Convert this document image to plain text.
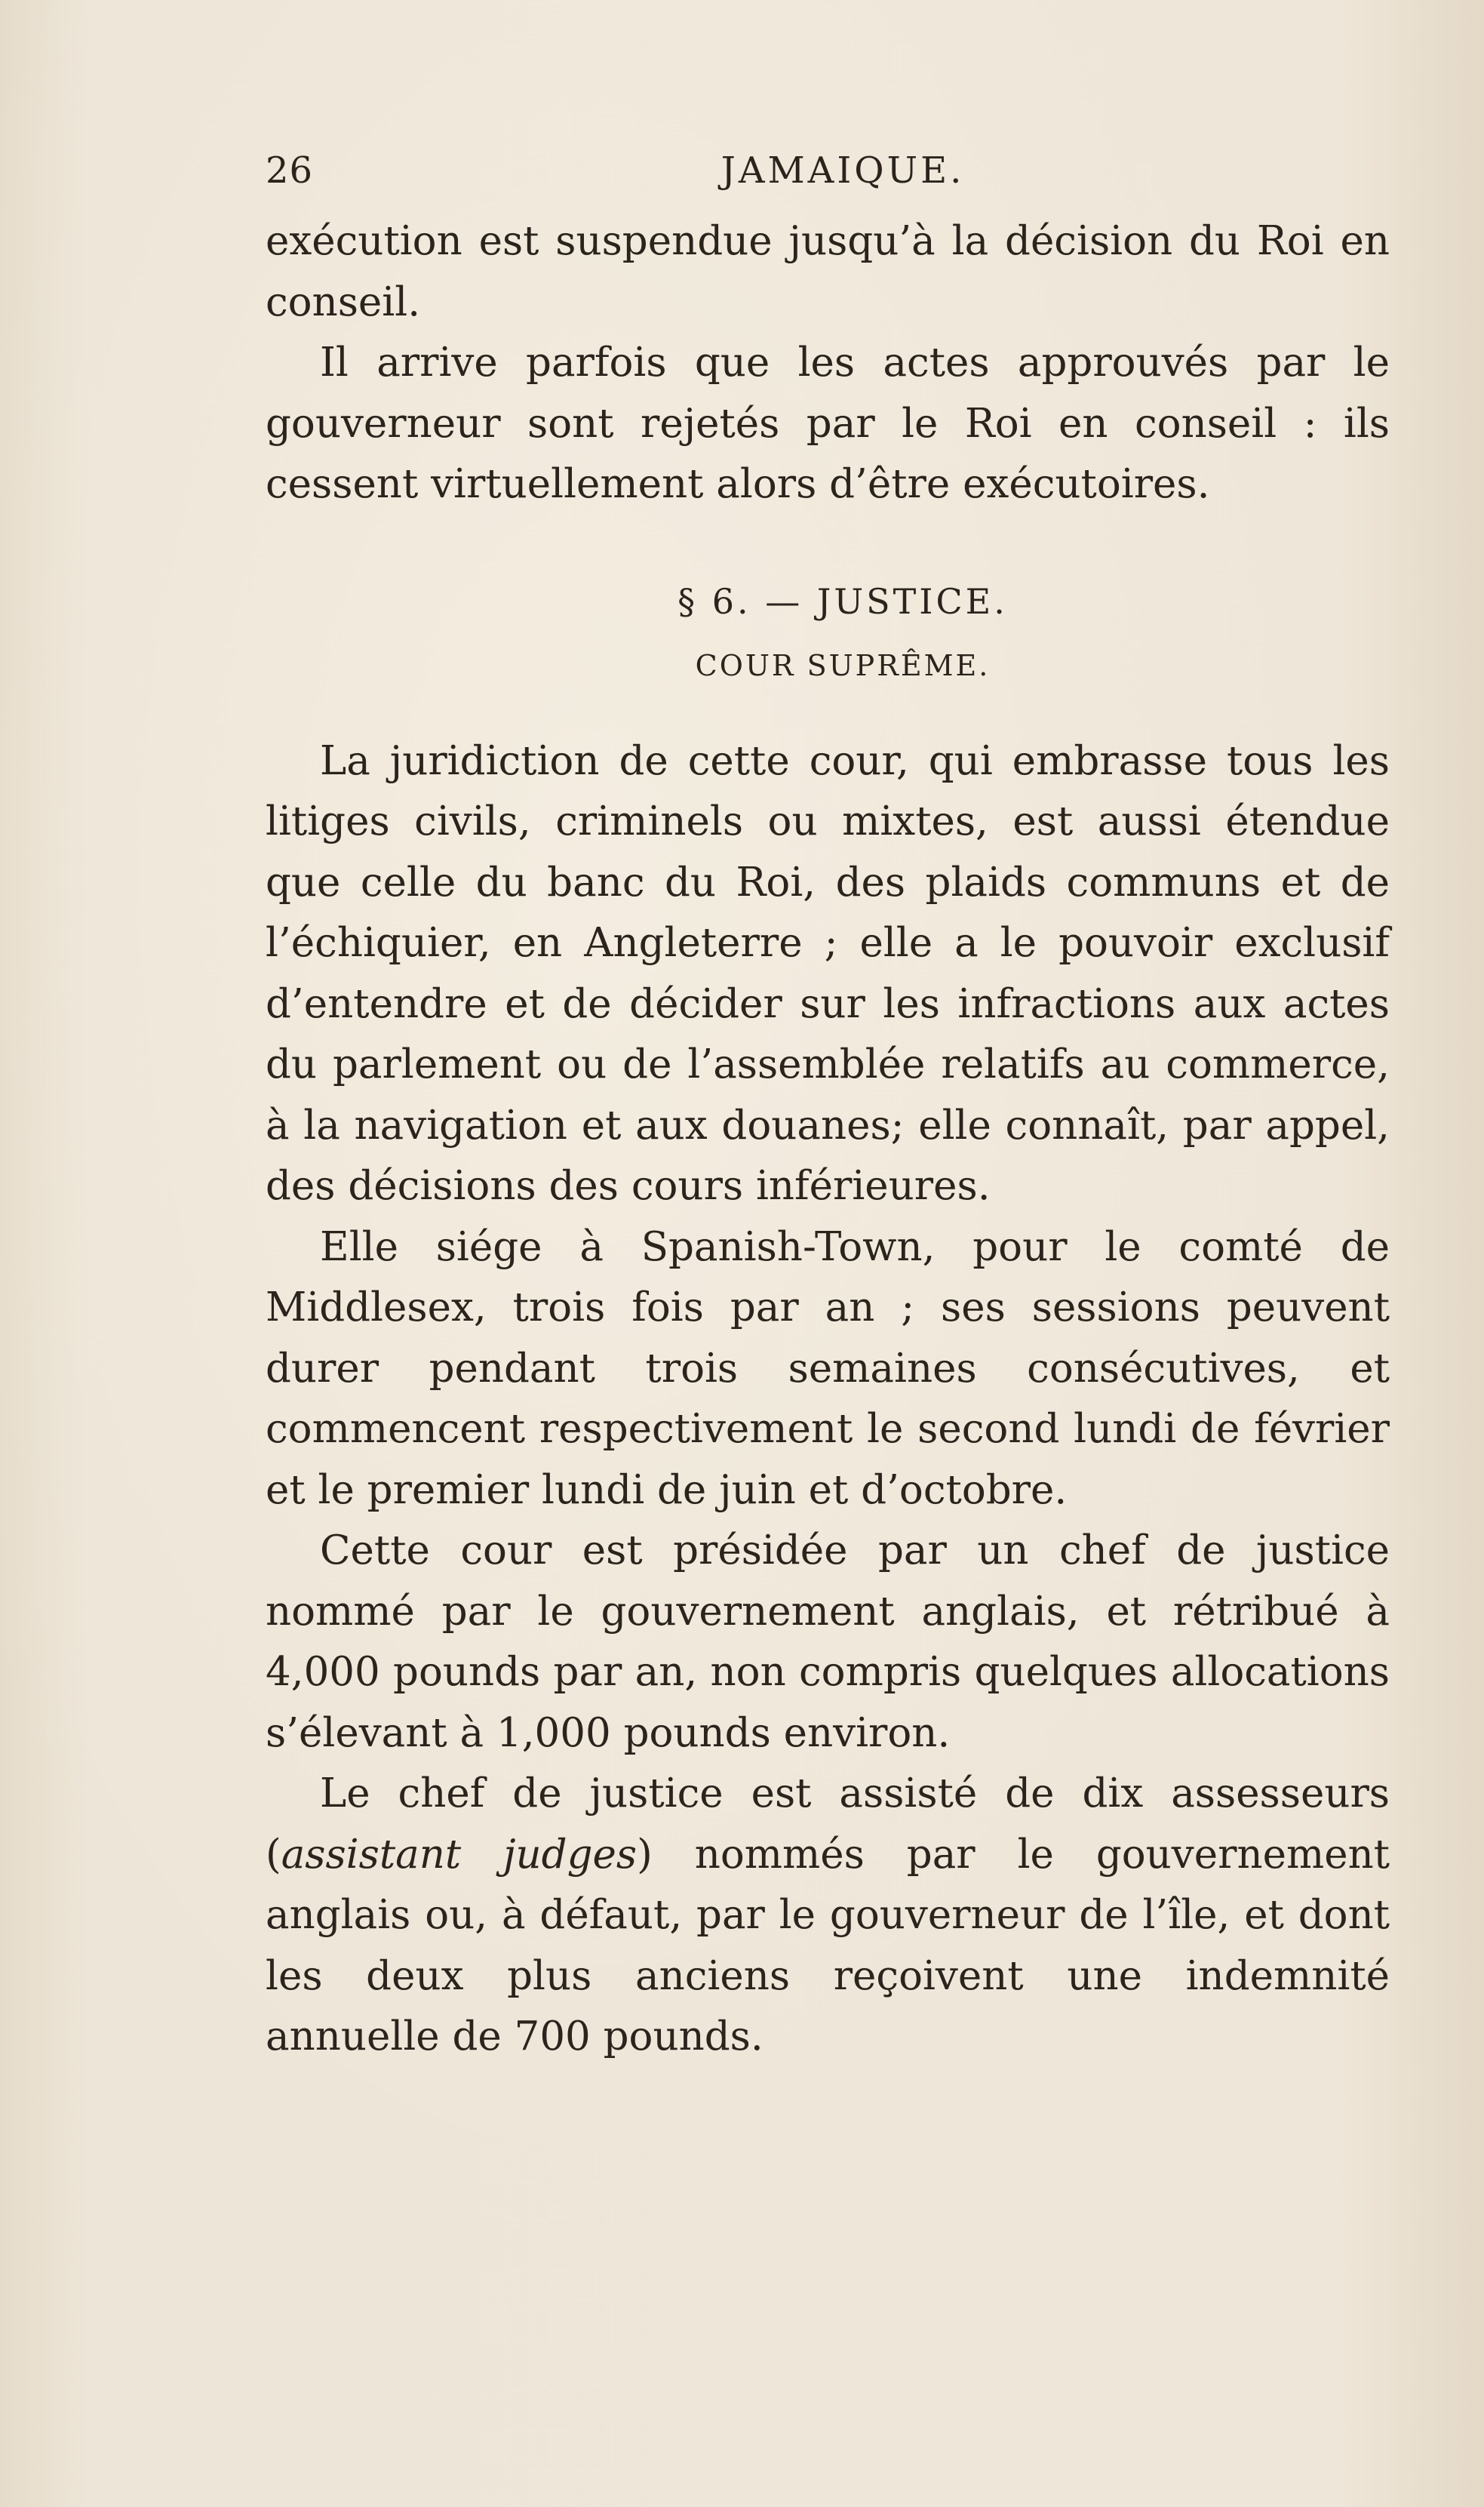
26	JAMAIQUE.

exécution est suspendue jusqu’à la décision du Roi en conseil.

Il arrive parfois que les actes approuvés par le gouverneur sont rejetés par le Roi en conseil : ils cessent virtuellement alors d’être exécutoires.

§ 6. — JUSTICE.

COUR SUPRÊME.

La juridiction de cette cour, qui embrasse tous les litiges civils, criminels ou mixtes, est aussi étendue que celle du banc du Roi, des plaids communs et de l’échiquier, en Angleterre ; elle a le pouvoir exclusif d’entendre et de décider sur les infractions aux actes du parlement ou de l’assemblée relatifs au commerce, à la navigation et aux douanes; elle connaît, par appel, des décisions des cours inférieures.

Elle siége à Spanish-Town, pour le comté de Middlesex, trois fois par an ; ses sessions peuvent durer pendant trois semaines consécutives, et commencent respectivement le second lundi de février et le premier lundi de juin et d’octobre.

Cette cour est présidée par un chef de justice nommé par le gouvernement anglais, et rétribué à 4,000 pounds par an, non compris quelques allocations s’élevant à 1,000 pounds environ.

Le chef de justice est assisté de dix assesseurs (assistant judges) nommés par le gouvernement anglais ou, à défaut, par le gouverneur de l’île, et dont les deux plus anciens reçoivent une indemnité annuelle de 700 pounds.
